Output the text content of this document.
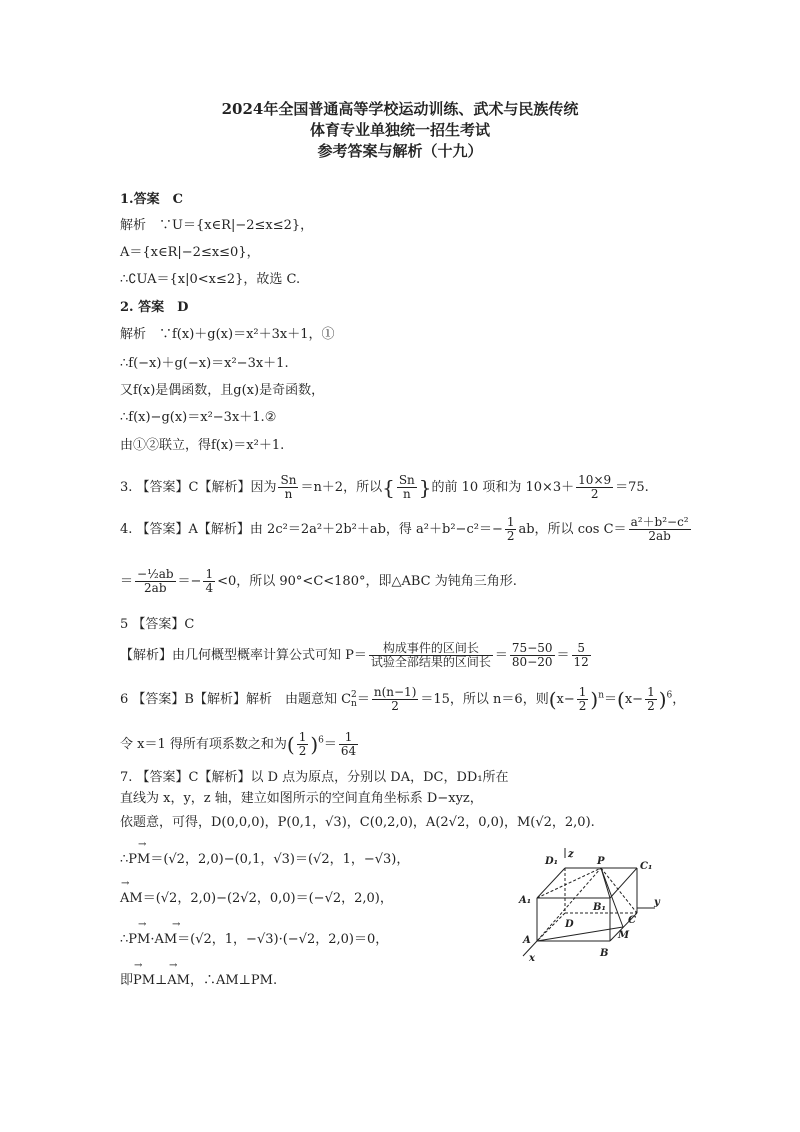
2024年全国普通高等学校运动训练、武术与民族传统
体育专业单独统一招生考试
参考答案与解析（十九）
1.答案　C
解析　∵U＝{x∈R|−2≤x≤2}，
A＝{x∈R|−2≤x≤0}，
∴∁UA＝{x|0<x≤2}，故选 C.
2. 答案　D
解析　∵f(x)＋g(x)＝x²＋3x＋1，①
∴f(−x)＋g(−x)＝x²−3x＋1.
又f(x)是偶函数，且g(x)是奇函数，
∴f(x)−g(x)＝x²−3x＋1.②
由①②联立，得f(x)＝x²＋1.
3. 【答案】C【解析】因为 $\frac{Sn}{n} =n+2$，所以{ $\frac{Sn}{n}$ }的前 10 项和为 $10\times 3+ \frac{10\times 9}{2} =75$.
4. 【答案】A【解析】由 2c²＝2a²＋2b²＋ab，得 $a^2+b^2-c^2=- \frac{1}{2}$ ab，所以 $\cos C= \frac{\text{a²＋b²−c²}}{2ab}$
＝ $\frac{\text{−½ab}}{2ab} =- \frac{1}{4} <0$，所以 90°<C<180°，即△ABC 为钝角三角形.
5 【答案】C
【解析】由几何概型概率计算公式可知 $P= \frac{\text{构成事件的区间长}}{\text{试验全部结果的区间长}} = \frac{75-50}{80-20} = \frac{5}{12}$
6 【答案】B【解析】解析　由题意知 C 2
$n = \frac{n(n-1)}{2} =15$，所以 n＝6，则$(x- \frac{1}{2} )^n=(x- \frac{1}{2} )^6$，
令 x＝1 得所有项系数之和为( $\frac{1}{2} )^6= \frac{1}{64}$
7. 【答案】C【解析】以 D 点为原点，分别以 DA，DC，DD₁所在
直线为 x，y，z 轴，建立如图所示的空间直角坐标系 D−xyz，
依题意，可得，D(0,0,0)，P(0,1，√3)，C(0,2,0)，A(2√2，0,0)，M(√2，2,0).
→
∴PM＝(√2，2,0)−(0,1，√3)＝(√2，1，−√3)，
→
AM＝(√2，2,0)−(2√2，0,0)＝(−√2，2,0)，
→	→
∴PM·AM＝(√2，1，−√3)·(−√2，2,0)＝0，
→	→
即PM⊥AM，∴AM⊥PM.
D₁
z
P	C₁
A₁
B₁	y
D	C
A	M
B
x
